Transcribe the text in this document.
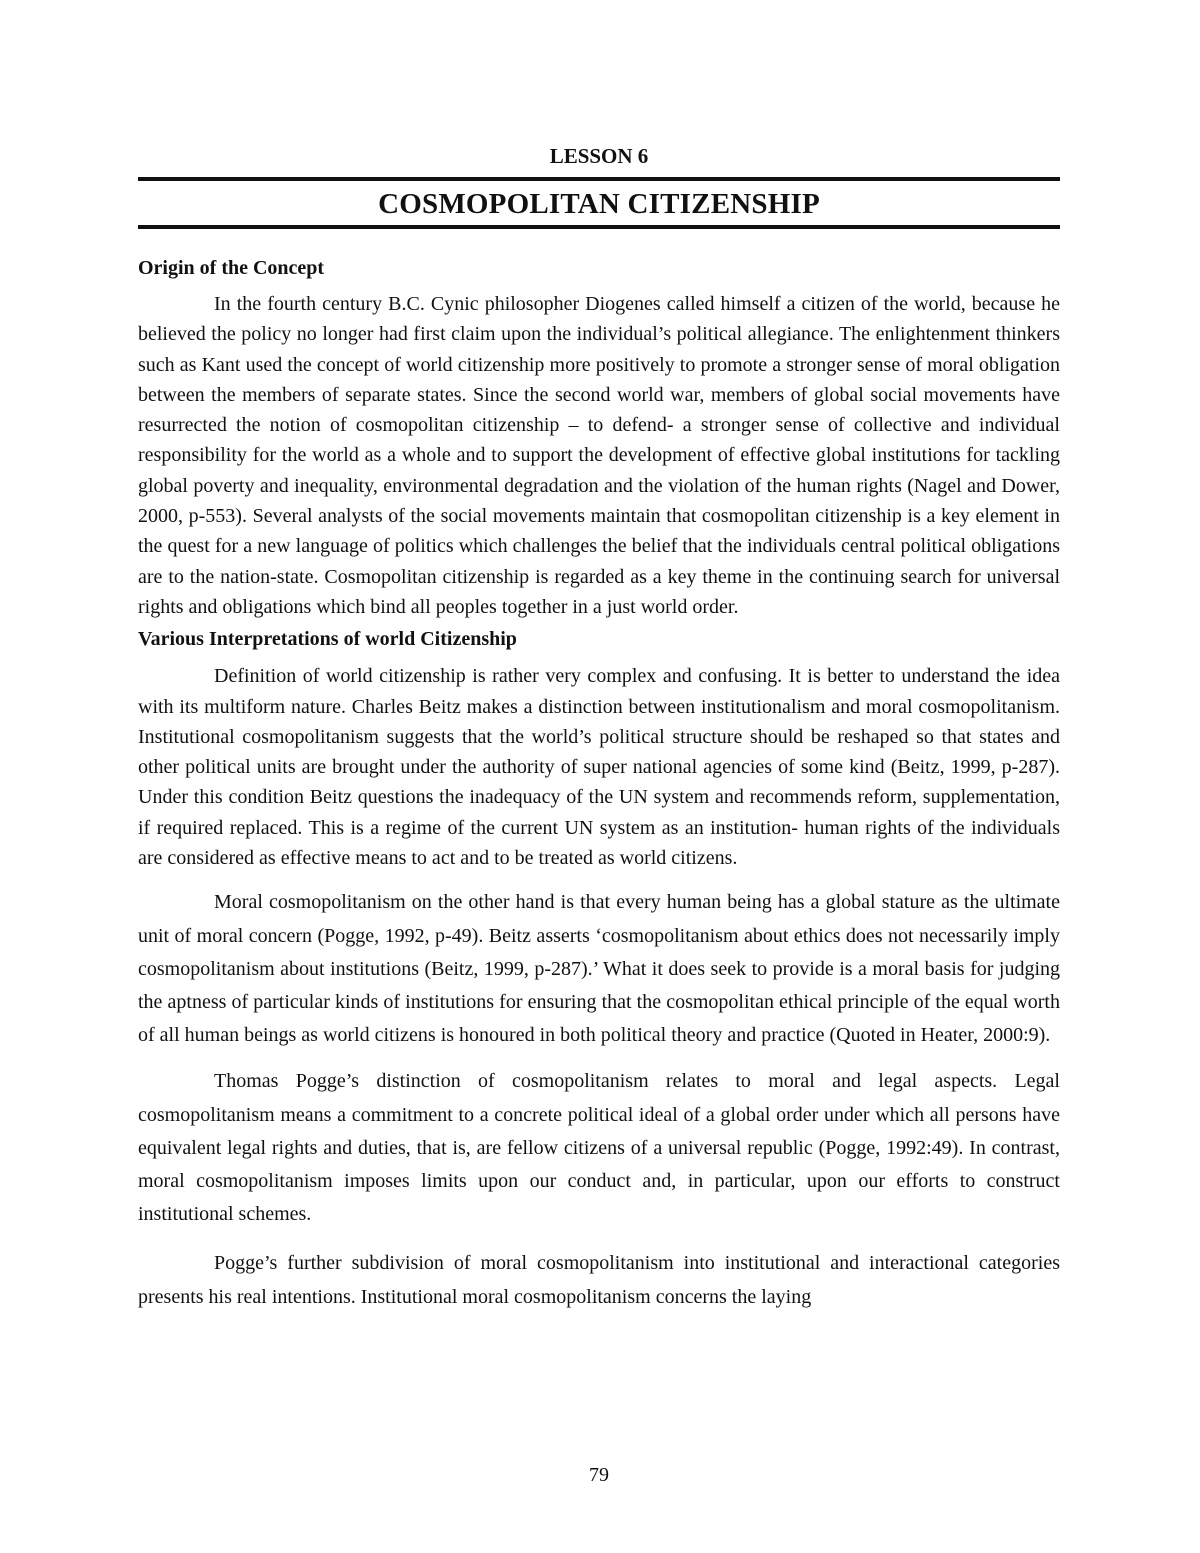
LESSON 6
COSMOPOLITAN CITIZENSHIP

Origin of the Concept

In the fourth century B.C. Cynic philosopher Diogenes called himself a citizen of the world, because he believed the policy no longer had first claim upon the individual’s political allegiance. The enlightenment thinkers such as Kant used the concept of world citizenship more positively to promote a stronger sense of moral obligation between the members of separate states. Since the second world war, members of global social movements have resurrected the notion of cosmopolitan citizenship – to defend- a stronger sense of collective and individual responsibility for the world as a whole and to support the development of effective global institutions for tackling global poverty and inequality, environmental degradation and the violation of the human rights (Nagel and Dower, 2000, p-553). Several analysts of the social movements maintain that cosmopolitan citizenship is a key element in the quest for a new language of politics which challenges the belief that the individuals central political obligations are to the nation-state. Cosmopolitan citizenship is regarded as a key theme in the continuing search for universal rights and obligations which bind all peoples together in a just world order.

Various Interpretations of world Citizenship

Definition of world citizenship is rather very complex and confusing. It is better to understand the idea with its multiform nature. Charles Beitz makes a distinction between institutionalism and moral cosmopolitanism. Institutional cosmopolitanism suggests that the world’s political structure should be reshaped so that states and other political units are brought under the authority of super national agencies of some kind (Beitz, 1999, p-287). Under this condition Beitz questions the inadequacy of the UN system and recommends reform, supplementation, if required replaced. This is a regime of the current UN system as an institution- human rights of the individuals are considered as effective means to act and to be treated as world citizens.

Moral cosmopolitanism on the other hand is that every human being has a global stature as the ultimate unit of moral concern (Pogge, 1992, p-49). Beitz asserts ‘cosmopolitanism about ethics does not necessarily imply cosmopolitanism about institutions (Beitz, 1999, p-287).’ What it does seek to provide is a moral basis for judging the aptness of particular kinds of institutions for ensuring that the cosmopolitan ethical principle of the equal worth of all human beings as world citizens is honoured in both political theory and practice (Quoted in Heater, 2000:9).

Thomas Pogge’s distinction of cosmopolitanism relates to moral and legal aspects. Legal cosmopolitanism means a commitment to a concrete political ideal of a global order under which all persons have equivalent legal rights and duties, that is, are fellow citizens of a universal republic (Pogge, 1992:49). In contrast, moral cosmopolitanism imposes limits upon our conduct and, in particular, upon our efforts to construct institutional schemes.

Pogge’s further subdivision of moral cosmopolitanism into institutional and interactional categories presents his real intentions. Institutional moral cosmopolitanism concerns the laying

79
